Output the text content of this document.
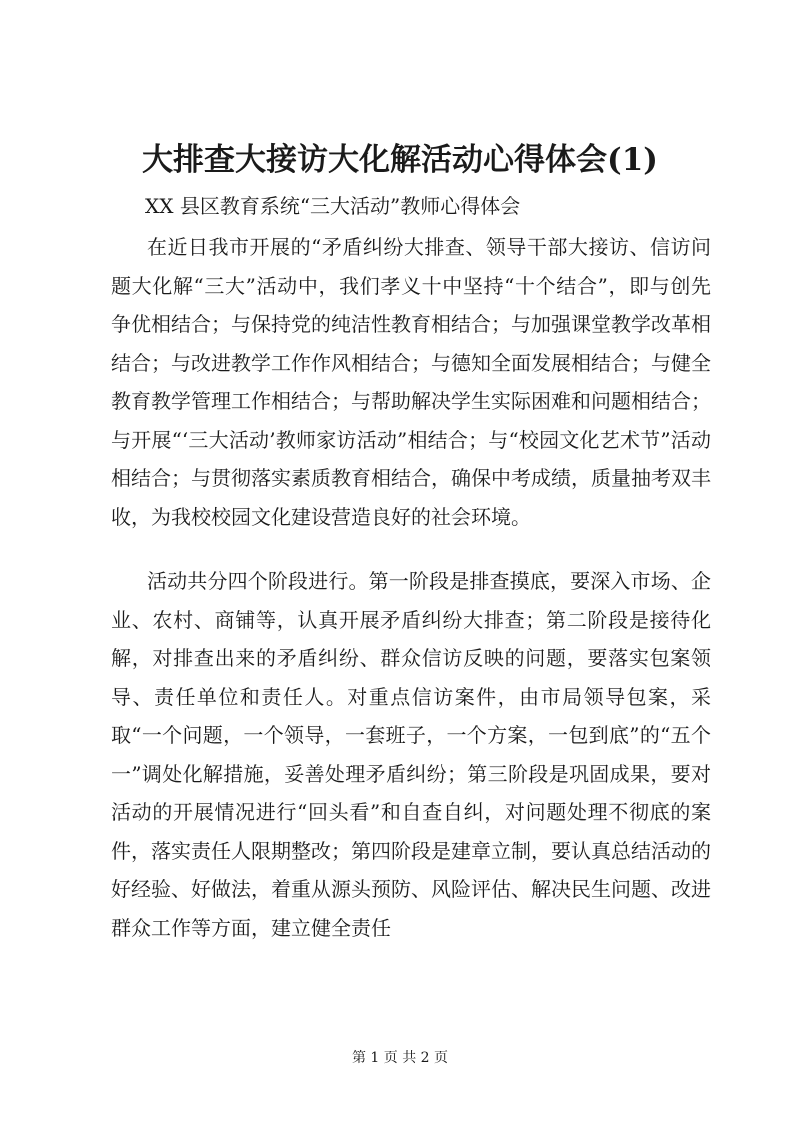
大排查大接访大化解活动心得体会(1)
XX 县区教育系统“三大活动”教师心得体会

在近日我市开展的“矛盾纠纷大排查、领导干部大接访、信访问题大化解“三大”活动中，我们孝义十中坚持“十个结合”，即与创先争优相结合；与保持党的纯洁性教育相结合；与加强课堂教学改革相结合；与改进教学工作作风相结合；与德知全面发展相结合；与健全教育教学管理工作相结合；与帮助解决学生实际困难和问题相结合；与开展“‘三大活动’教师家访活动”相结合；与“校园文化艺术节”活动相结合；与贯彻落实素质教育相结合，确保中考成绩，质量抽考双丰收，为我校校园文化建设营造良好的社会环境。

活动共分四个阶段进行。第一阶段是排查摸底，要深入市场、企业、农村、商铺等，认真开展矛盾纠纷大排查；第二阶段是接待化解，对排查出来的矛盾纠纷、群众信访反映的问题，要落实包案领导、责任单位和责任人。对重点信访案件，由市局领导包案，采取“一个问题，一个领导，一套班子，一个方案，一包到底”的“五个一”调处化解措施，妥善处理矛盾纠纷；第三阶段是巩固成果，要对活动的开展情况进行“回头看”和自查自纠，对问题处理不彻底的案件，落实责任人限期整改；第四阶段是建章立制，要认真总结活动的好经验、好做法，着重从源头预防、风险评估、解决民生问题、改进群众工作等方面，建立健全责任

第 1 页 共 2 页
